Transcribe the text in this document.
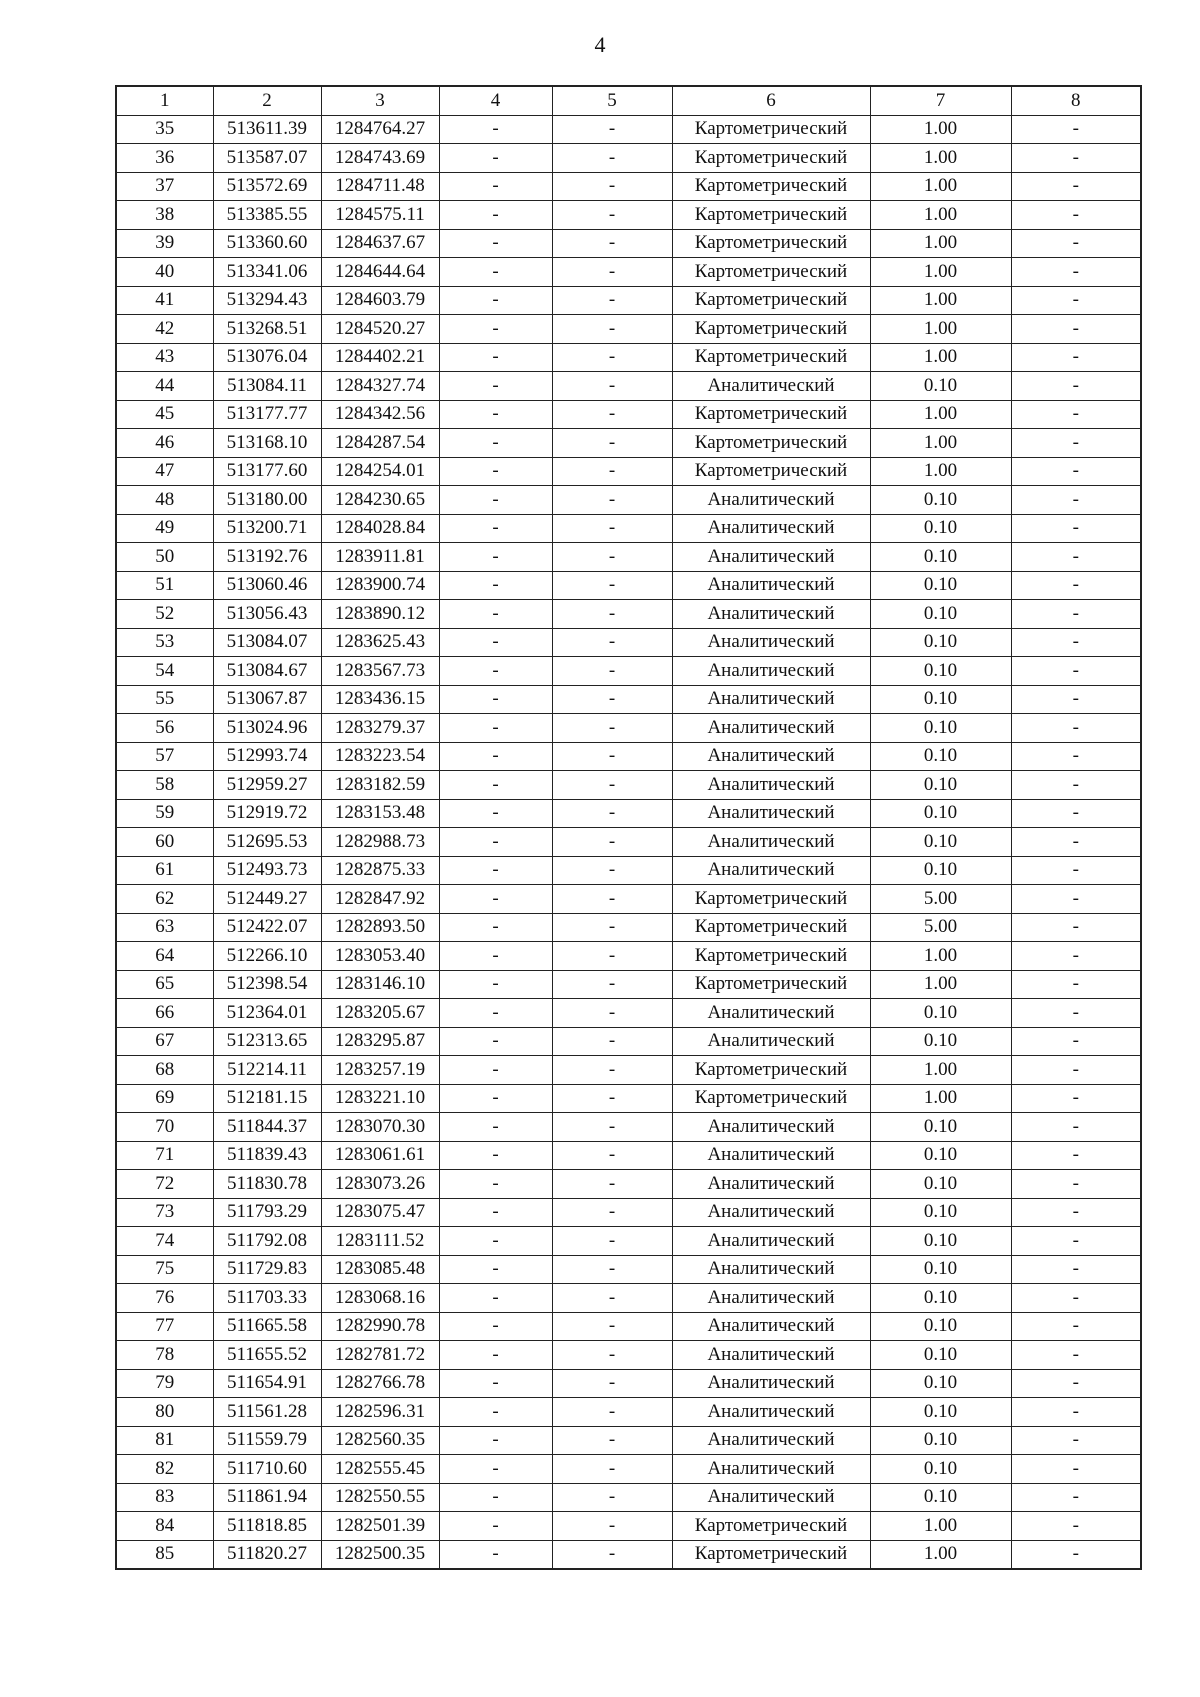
4
1	2	3	4	5	6	7	8
35	513611.39	1284764.27	-	-	Картометрический	1.00	-
36	513587.07	1284743.69	-	-	Картометрический	1.00	-
37	513572.69	1284711.48	-	-	Картометрический	1.00	-
38	513385.55	1284575.11	-	-	Картометрический	1.00	-
39	513360.60	1284637.67	-	-	Картометрический	1.00	-
40	513341.06	1284644.64	-	-	Картометрический	1.00	-
41	513294.43	1284603.79	-	-	Картометрический	1.00	-
42	513268.51	1284520.27	-	-	Картометрический	1.00	-
43	513076.04	1284402.21	-	-	Картометрический	1.00	-
44	513084.11	1284327.74	-	-	Аналитический	0.10	-
45	513177.77	1284342.56	-	-	Картометрический	1.00	-
46	513168.10	1284287.54	-	-	Картометрический	1.00	-
47	513177.60	1284254.01	-	-	Картометрический	1.00	-
48	513180.00	1284230.65	-	-	Аналитический	0.10	-
49	513200.71	1284028.84	-	-	Аналитический	0.10	-
50	513192.76	1283911.81	-	-	Аналитический	0.10	-
51	513060.46	1283900.74	-	-	Аналитический	0.10	-
52	513056.43	1283890.12	-	-	Аналитический	0.10	-
53	513084.07	1283625.43	-	-	Аналитический	0.10	-
54	513084.67	1283567.73	-	-	Аналитический	0.10	-
55	513067.87	1283436.15	-	-	Аналитический	0.10	-
56	513024.96	1283279.37	-	-	Аналитический	0.10	-
57	512993.74	1283223.54	-	-	Аналитический	0.10	-
58	512959.27	1283182.59	-	-	Аналитический	0.10	-
59	512919.72	1283153.48	-	-	Аналитический	0.10	-
60	512695.53	1282988.73	-	-	Аналитический	0.10	-
61	512493.73	1282875.33	-	-	Аналитический	0.10	-
62	512449.27	1282847.92	-	-	Картометрический	5.00	-
63	512422.07	1282893.50	-	-	Картометрический	5.00	-
64	512266.10	1283053.40	-	-	Картометрический	1.00	-
65	512398.54	1283146.10	-	-	Картометрический	1.00	-
66	512364.01	1283205.67	-	-	Аналитический	0.10	-
67	512313.65	1283295.87	-	-	Аналитический	0.10	-
68	512214.11	1283257.19	-	-	Картометрический	1.00	-
69	512181.15	1283221.10	-	-	Картометрический	1.00	-
70	511844.37	1283070.30	-	-	Аналитический	0.10	-
71	511839.43	1283061.61	-	-	Аналитический	0.10	-
72	511830.78	1283073.26	-	-	Аналитический	0.10	-
73	511793.29	1283075.47	-	-	Аналитический	0.10	-
74	511792.08	1283111.52	-	-	Аналитический	0.10	-
75	511729.83	1283085.48	-	-	Аналитический	0.10	-
76	511703.33	1283068.16	-	-	Аналитический	0.10	-
77	511665.58	1282990.78	-	-	Аналитический	0.10	-
78	511655.52	1282781.72	-	-	Аналитический	0.10	-
79	511654.91	1282766.78	-	-	Аналитический	0.10	-
80	511561.28	1282596.31	-	-	Аналитический	0.10	-
81	511559.79	1282560.35	-	-	Аналитический	0.10	-
82	511710.60	1282555.45	-	-	Аналитический	0.10	-
83	511861.94	1282550.55	-	-	Аналитический	0.10	-
84	511818.85	1282501.39	-	-	Картометрический	1.00	-
85	511820.27	1282500.35	-	-	Картометрический	1.00	-
